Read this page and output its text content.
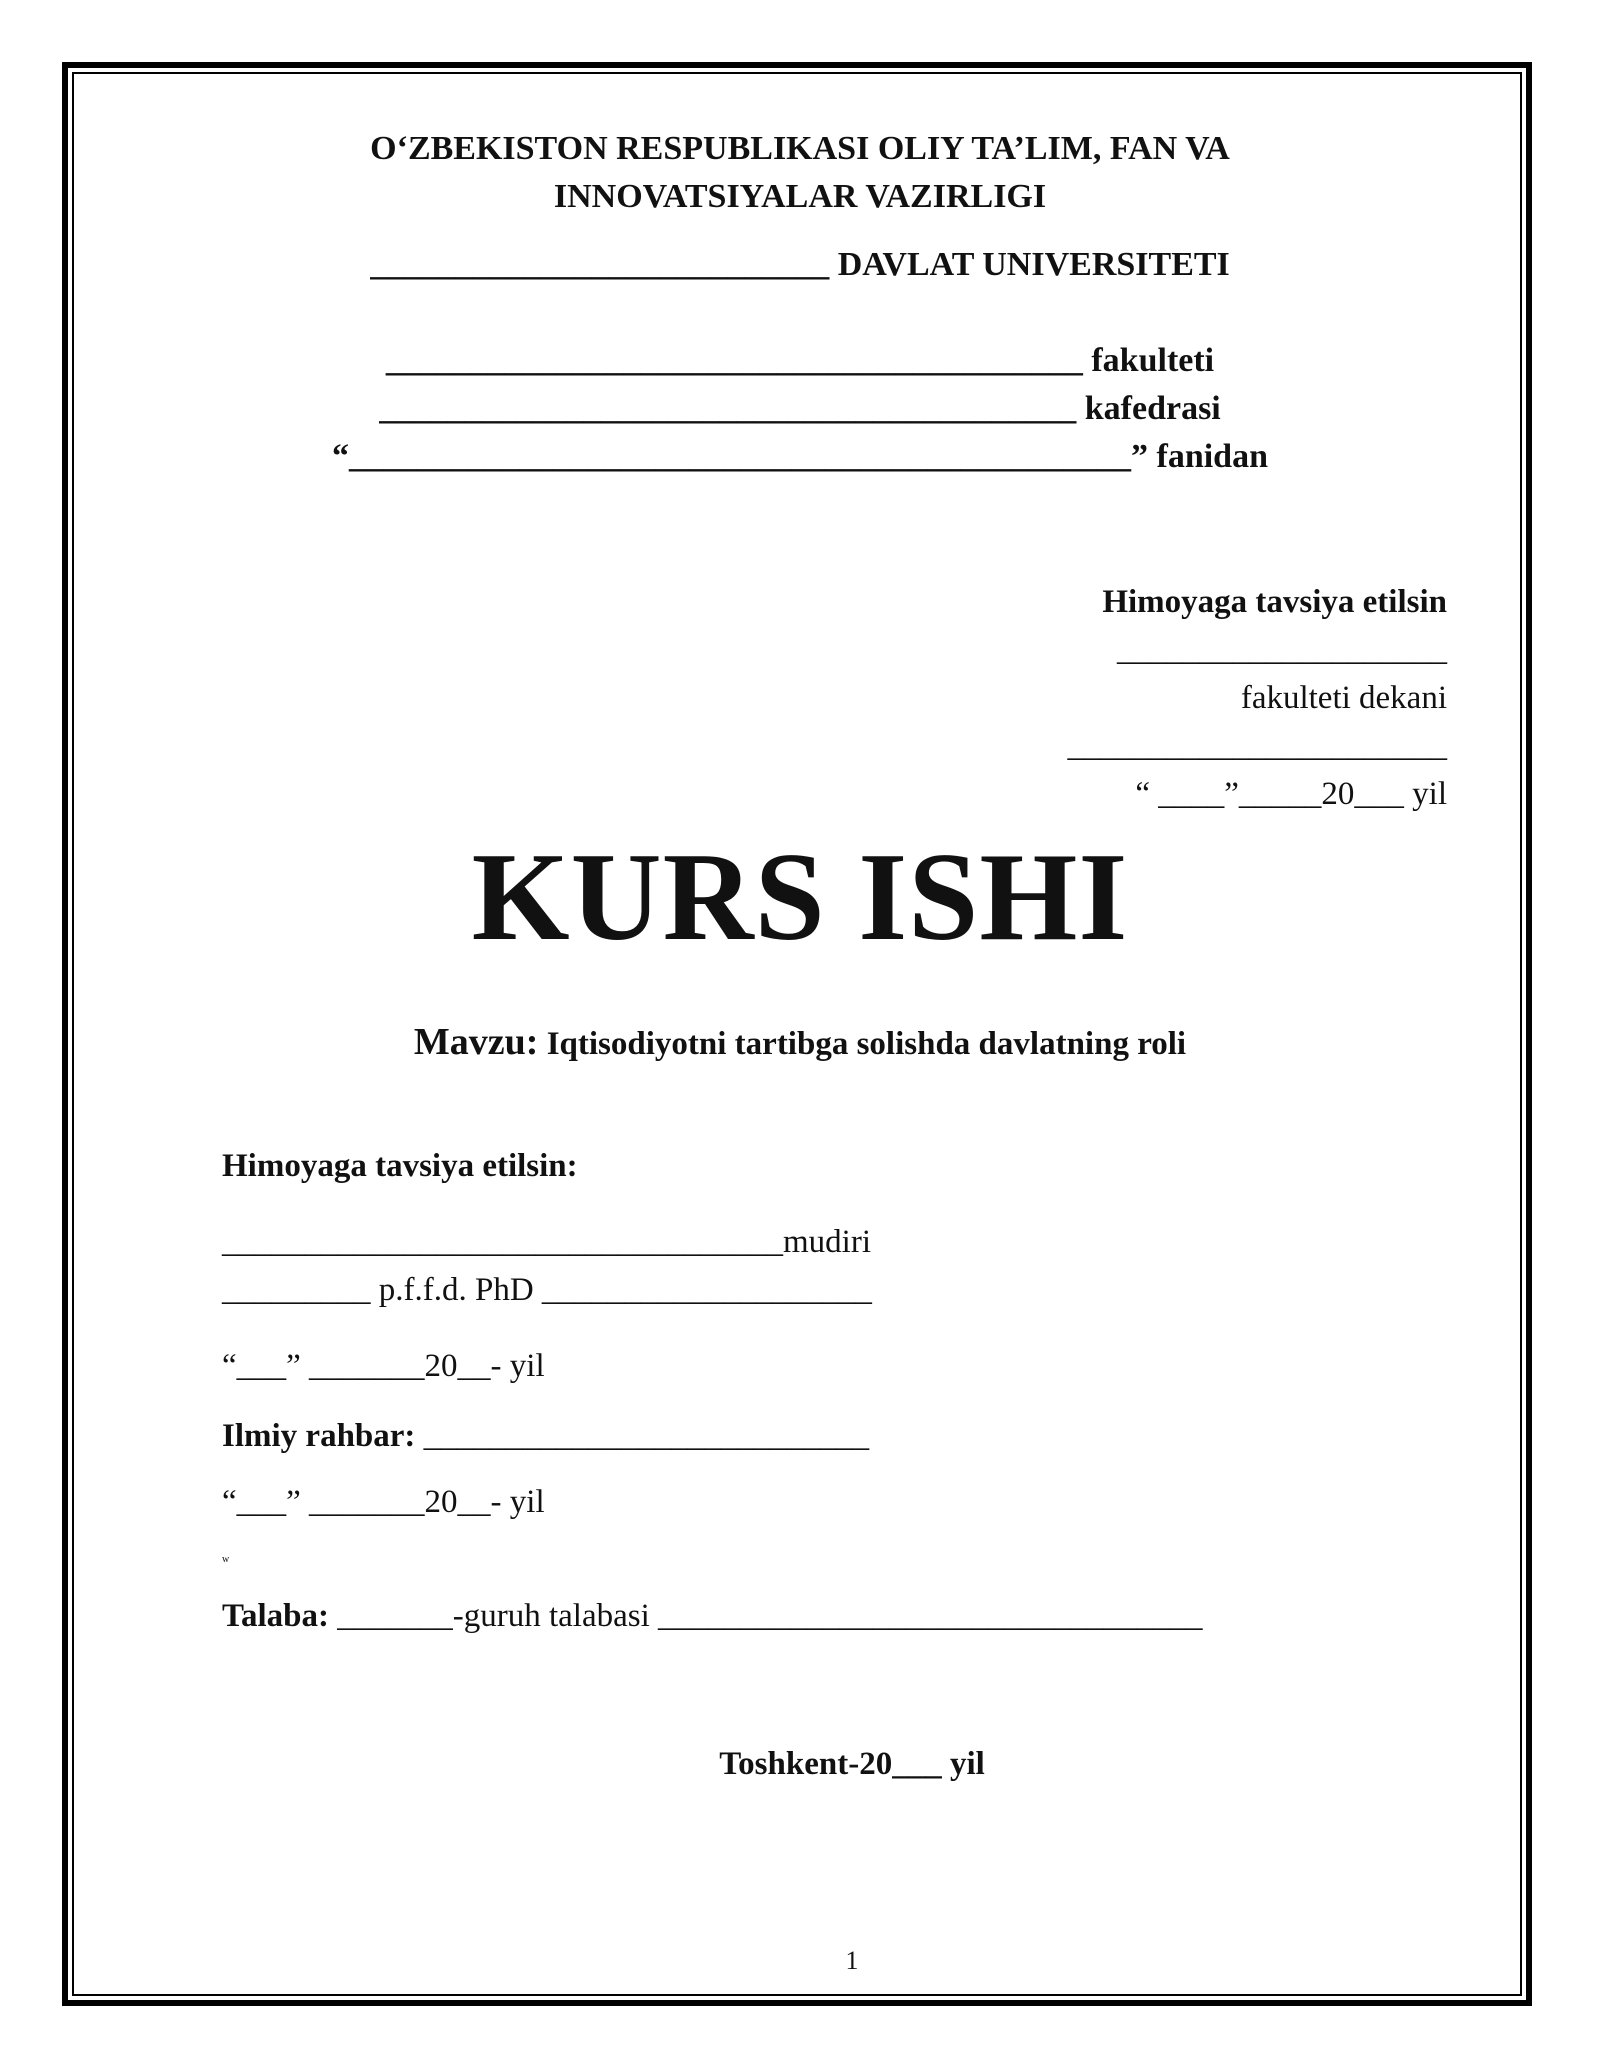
O‘ZBEKISTON RESPUBLIKASI OLIY TA’LIM, FAN VA
INNOVATSIYALAR VAZIRLIGI
___________________________ DAVLAT UNIVERSITETI
_________________________________________ fakulteti
_________________________________________ kafedrasi
“______________________________________________” fanidan
Himoyaga tavsiya etilsin
____________________
fakulteti dekani
_______________________
“ ____”_____20___ yil
KURS ISHI
Mavzu: Iqtisodiyotni tartibga solishda davlatning roli
Himoyaga tavsiya etilsin:
__________________________________mudiri
_________ p.f.f.d. PhD ____________________
“___” _______20__- yil
Ilmiy rahbar: ___________________________
“___” _______20__- yil
w
Talaba: _______-guruh talabasi _________________________________
Toshkent-20___ yil
1
